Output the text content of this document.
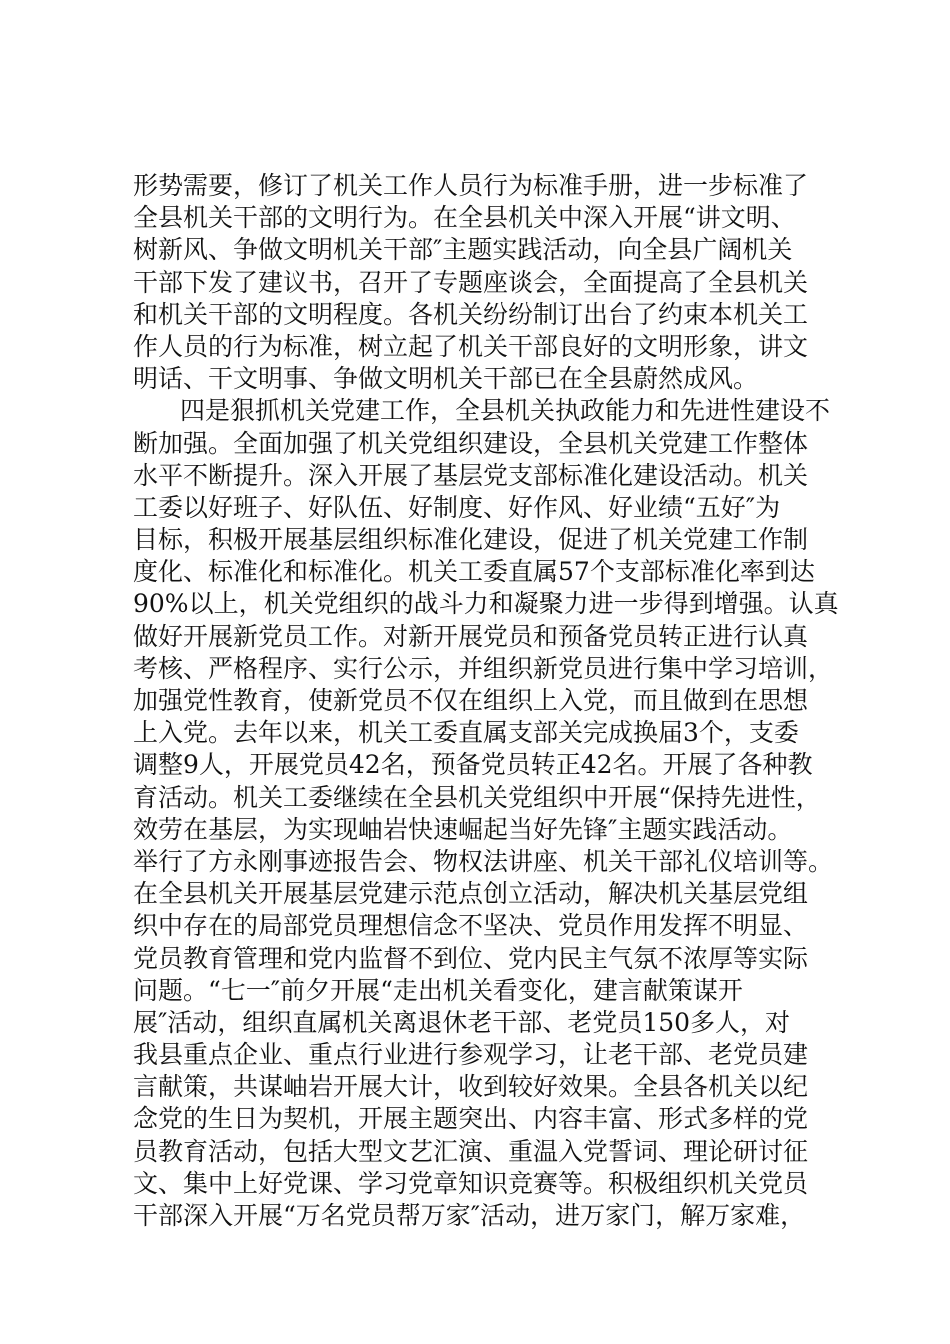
形势需要，修订了机关工作人员行为标准手册，进一步标准了
全县机关干部的文明行为。在全县机关中深入开展“讲文明、
树新风、争做文明机关干部″主题实践活动，向全县广阔机关
干部下发了建议书，召开了专题座谈会，全面提高了全县机关
和机关干部的文明程度。各机关纷纷制订出台了约束本机关工
作人员的行为标准，树立起了机关干部良好的文明形象，讲文
明话、干文明事、争做文明机关干部已在全县蔚然成风。
四是狠抓机关党建工作，全县机关执政能力和先进性建设不
断加强。全面加强了机关党组织建设，全县机关党建工作整体
水平不断提升。深入开展了基层党支部标准化建设活动。机关
工委以好班子、好队伍、好制度、好作风、好业绩“五好″为
目标，积极开展基层组织标准化建设，促进了机关党建工作制
度化、标准化和标准化。机关工委直属57个支部标准化率到达
90%以上，机关党组织的战斗力和凝聚力进一步得到增强。认真
做好开展新党员工作。对新开展党员和预备党员转正进行认真
考核、严格程序、实行公示，并组织新党员进行集中学习培训，
加强党性教育，使新党员不仅在组织上入党，而且做到在思想
上入党。去年以来，机关工委直属支部关完成换届3个，支委
调整9人，开展党员42名，预备党员转正42名。开展了各种教
育活动。机关工委继续在全县机关党组织中开展“保持先进性，
效劳在基层，为实现岫岩快速崛起当好先锋″主题实践活动。
举行了方永刚事迹报告会、物权法讲座、机关干部礼仪培训等。
在全县机关开展基层党建示范点创立活动，解决机关基层党组
织中存在的局部党员理想信念不坚决、党员作用发挥不明显、
党员教育管理和党内监督不到位、党内民主气氛不浓厚等实际
问题。“七一″前夕开展“走出机关看变化，建言献策谋开
展″活动，组织直属机关离退休老干部、老党员150多人，对
我县重点企业、重点行业进行参观学习，让老干部、老党员建
言献策，共谋岫岩开展大计，收到较好效果。全县各机关以纪
念党的生日为契机，开展主题突出、内容丰富、形式多样的党
员教育活动，包括大型文艺汇演、重温入党誓词、理论研讨征
文、集中上好党课、学习党章知识竞赛等。积极组织机关党员
干部深入开展“万名党员帮万家″活动，进万家门，解万家难，
